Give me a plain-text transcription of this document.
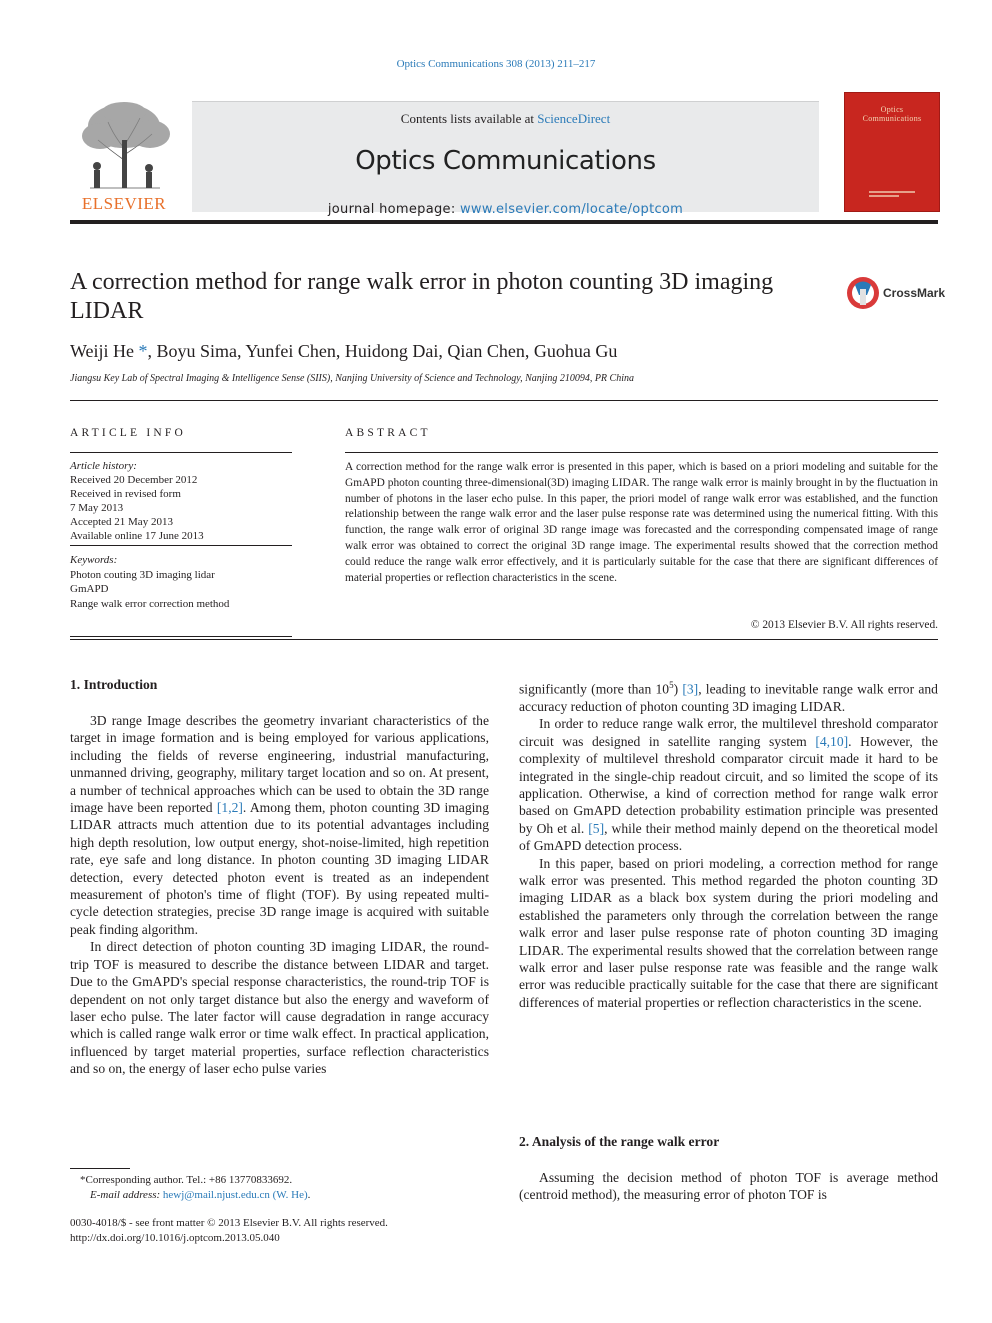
Optics Communications 308 (2013) 211–217
ELSEVIER
Contents lists available at ScienceDirect
Optics Communications
journal homepage: www.elsevier.com/locate/optcom
Optics
Communications
A correction method for range walk error in photon counting 3D imaging LIDAR
CrossMark
Weiji He *, Boyu Sima, Yunfei Chen, Huidong Dai, Qian Chen, Guohua Gu
Jiangsu Key Lab of Spectral Imaging & Intelligence Sense (SIIS), Nanjing University of Science and Technology, Nanjing 210094, PR China
ARTICLE INFO	ABSTRACT
Article history:
Received 20 December 2012
Received in revised form
7 May 2013
Accepted 21 May 2013
Available online 17 June 2013
Keywords:
Photon couting 3D imaging lidar
GmAPD
Range walk error correction method
A correction method for the range walk error is presented in this paper, which is based on a priori modeling and suitable for the GmAPD photon counting three-dimensional(3D) imaging LIDAR. The range walk error is mainly brought in by the fluctuation in number of photons in the laser echo pulse. In this paper, the priori model of range walk error was established, and the function relationship between the range walk error and the laser pulse response rate was determined using the numerical fitting. With this function, the range walk error of original 3D range image was forecasted and the corresponding compensated image of range walk error was obtained to correct the original 3D range image. The experimental results showed that the correction method could reduce the range walk error effectively, and it is particularly suitable for the case that there are significant differences of material properties or reflection characteristics in the scene.
© 2013 Elsevier B.V. All rights reserved.
1. Introduction

3D range Image describes the geometry invariant characteristics of the target in image formation and is being employed for various applications, including the fields of reverse engineering, industrial manufacturing, unmanned driving, geography, military target location and so on. At present, a number of technical approaches which can be used to obtain the 3D range image have been reported [1,2]. Among them, photon counting 3D imaging LIDAR attracts much attention due to its potential advantages including high depth resolution, low output energy, shot-noise-limited, high repetition rate, eye safe and long distance. In photon counting 3D imaging LIDAR detection, every detected photon event is treated as an independent measurement of photon's time of flight (TOF). By using repeated multi-cycle detection strategies, precise 3D range image is acquired with suitable peak finding algorithm.

In direct detection of photon counting 3D imaging LIDAR, the round-trip TOF is measured to describe the distance between LIDAR and target. Due to the GmAPD's special response characteristics, the round-trip TOF is dependent on not only target distance but also the energy and waveform of laser echo pulse. The later factor will cause degradation in range accuracy which is called range walk error or time walk effect. In practical application, influenced by target material properties, surface reflection characteristics and so on, the energy of laser echo pulse varies

significantly (more than $10^5$) [3], leading to inevitable range walk error and accuracy reduction of photon counting 3D imaging LIDAR.

In order to reduce range walk error, the multilevel threshold comparator circuit was designed in satellite ranging system [4,10]. However, the complexity of multilevel threshold comparator circuit made it hard to be integrated in the single-chip readout circuit, and so limited the scope of its application. Otherwise, a kind of correction method for range walk error based on GmAPD detection probability estimation principle was presented by Oh et al. [5], while their method mainly depend on the theoretical model of GmAPD detection process.

In this paper, based on priori modeling, a correction method for range walk error was presented. This method regarded the photon counting 3D imaging LIDAR as a black box system during the priori modeling and established the parameters only through the correlation between the range walk error and laser pulse response rate of photon counting 3D imaging LIDAR. The experimental results showed that the correlation between range walk error and laser pulse response rate was feasible and the range walk error was reducible practically suitable for the case that there are significant differences of material properties or reflection characteristics in the scene.

2. Analysis of the range walk error

Assuming the decision method of photon TOF is average method (centroid method), the measuring error of photon TOF is

*Corresponding author. Tel.: +86 13770833692.
E-mail address: hewj@mail.njust.edu.cn (W. He).
0030-4018/$ - see front matter © 2013 Elsevier B.V. All rights reserved.
http://dx.doi.org/10.1016/j.optcom.2013.05.040
